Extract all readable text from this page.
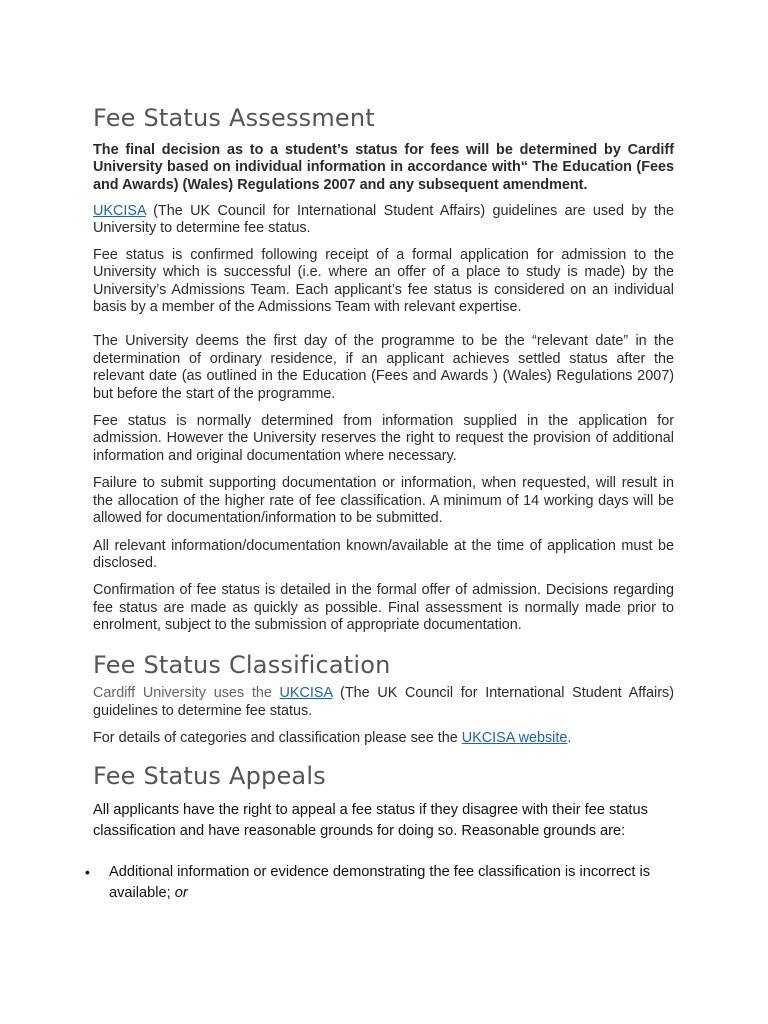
Fee Status Assessment

The final decision as to a student’s status for fees will be determined by Cardiff University based on individual information in accordance with“ The Education (Fees and Awards) (Wales) Regulations 2007 and any subsequent amendment.

UKCISA (The UK Council for International Student Affairs) guidelines are used by the University to determine fee status.

Fee status is confirmed following receipt of a formal application for admission to the University which is successful (i.e. where an offer of a place to study is made) by the University’s Admissions Team. Each applicant’s fee status is considered on an individual basis by a member of the Admissions Team with relevant expertise.

The University deems the first day of the programme to be the “relevant date” in the determination of ordinary residence, if an applicant achieves settled status after the relevant date (as outlined in the Education (Fees and Awards ) (Wales) Regulations 2007) but before the start of the programme.

Fee status is normally determined from information supplied in the application for admission. However the University reserves the right to request the provision of additional information and original documentation where necessary.

Failure to submit supporting documentation or information, when requested, will result in the allocation of the higher rate of fee classification. A minimum of 14 working days will be allowed for documentation/information to be submitted.

All relevant information/documentation known/available at the time of application must be disclosed.

Confirmation of fee status is detailed in the formal offer of admission. Decisions regarding fee status are made as quickly as possible. Final assessment is normally made prior to enrolment, subject to the submission of appropriate documentation.

Fee Status Classification

Cardiff University uses the UKCISA (The UK Council for International Student Affairs) guidelines to determine fee status.

For details of categories and classification please see the UKCISA website.

Fee Status Appeals

All applicants have the right to appeal a fee status if they disagree with their fee status classification and have reasonable grounds for doing so. Reasonable grounds are:

• Additional information or evidence demonstrating the fee classification is incorrect is available; or
